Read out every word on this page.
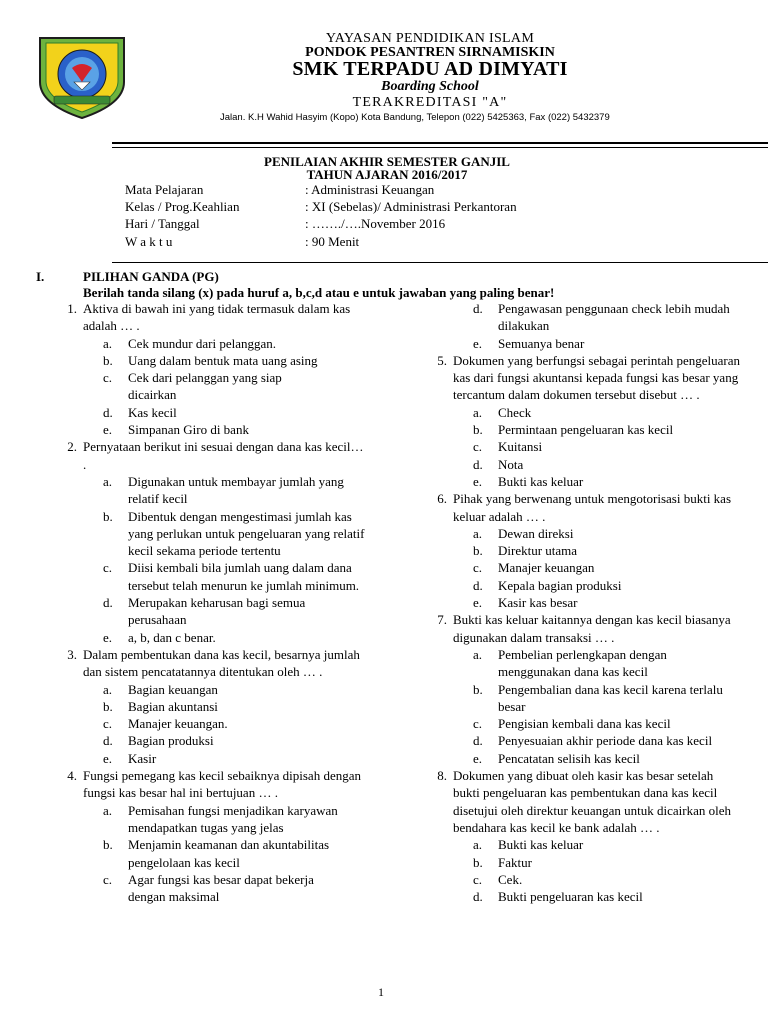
YAYASAN PENDIDIKAN ISLAM
PONDOK PESANTREN SIRNAMISKIN
SMK TERPADU AD DIMYATI
Boarding School
TERAKREDITASI "A"
Jalan. K.H Wahid Hasyim (Kopo) Kota Bandung, Telepon (022) 5425363, Fax (022) 5432379
PENILAIAN AKHIR SEMESTER GANJIL
TAHUN AJARAN 2016/2017
Mata Pelajaran	: Administrasi Keuangan
Kelas / Prog.Keahlian	: XI (Sebelas)/ Administrasi Perkantoran
Hari / Tanggal	: ……./….November 2016
W a k t u	: 90 Menit
I.	PILIHAN GANDA (PG)
Berilah tanda silang (x) pada huruf a, b,c,d atau e untuk jawaban yang paling benar!
1. Aktiva di bawah ini yang tidak termasuk dalam kas adalah … .
a. Cek mundur dari pelanggan.
b. Uang dalam bentuk mata uang asing
c. Cek dari pelanggan yang siap dicairkan
d. Kas kecil
e. Simpanan Giro di bank
2. Pernyataan berikut ini sesuai dengan dana kas kecil… .
a. Digunakan untuk membayar jumlah yang relatif kecil
b. Dibentuk dengan mengestimasi jumlah kas yang perlukan untuk pengeluaran yang relatif kecil sekama periode tertentu
c. Diisi kembali bila jumlah uang dalam dana tersebut telah menurun ke jumlah minimum.
d. Merupakan keharusan bagi semua perusahaan
e. a, b, dan c benar.
3. Dalam pembentukan dana kas kecil, besarnya jumlah dan sistem pencatatannya ditentukan oleh … .
a. Bagian keuangan
b. Bagian akuntansi
c. Manajer keuangan.
d. Bagian produksi
e. Kasir
4. Fungsi pemegang kas kecil sebaiknya dipisah dengan fungsi kas besar hal ini bertujuan … .
a. Pemisahan fungsi menjadikan karyawan mendapatkan tugas yang jelas
b. Menjamin keamanan dan akuntabilitas pengelolaan kas kecil
c. Agar fungsi kas besar dapat bekerja dengan maksimal
d. Pengawasan penggunaan check lebih mudah dilakukan
e. Semuanya benar
5. Dokumen yang berfungsi sebagai perintah pengeluaran kas dari fungsi akuntansi kepada fungsi kas besar yang tercantum dalam dokumen tersebut disebut … .
a. Check
b. Permintaan pengeluaran kas kecil
c. Kuitansi
d. Nota
e. Bukti kas keluar
6. Pihak yang berwenang untuk mengotorisasi bukti kas keluar adalah … .
a. Dewan direksi
b. Direktur utama
c. Manajer keuangan
d. Kepala bagian produksi
e. Kasir kas besar
7. Bukti kas keluar kaitannya dengan kas kecil biasanya digunakan dalam transaksi … .
a. Pembelian perlengkapan dengan menggunakan dana kas kecil
b. Pengembalian dana kas kecil karena terlalu besar
c. Pengisian kembali dana kas kecil
d. Penyesuaian akhir periode dana kas kecil
e. Pencatatan selisih kas kecil
8. Dokumen yang dibuat oleh kasir kas besar setelah bukti pengeluaran kas pembentukan dana kas kecil disetujui oleh direktur keuangan untuk dicairkan oleh bendahara kas kecil ke bank adalah … .
a. Bukti kas keluar
b. Faktur
c. Cek.
d. Bukti pengeluaran kas kecil
1
